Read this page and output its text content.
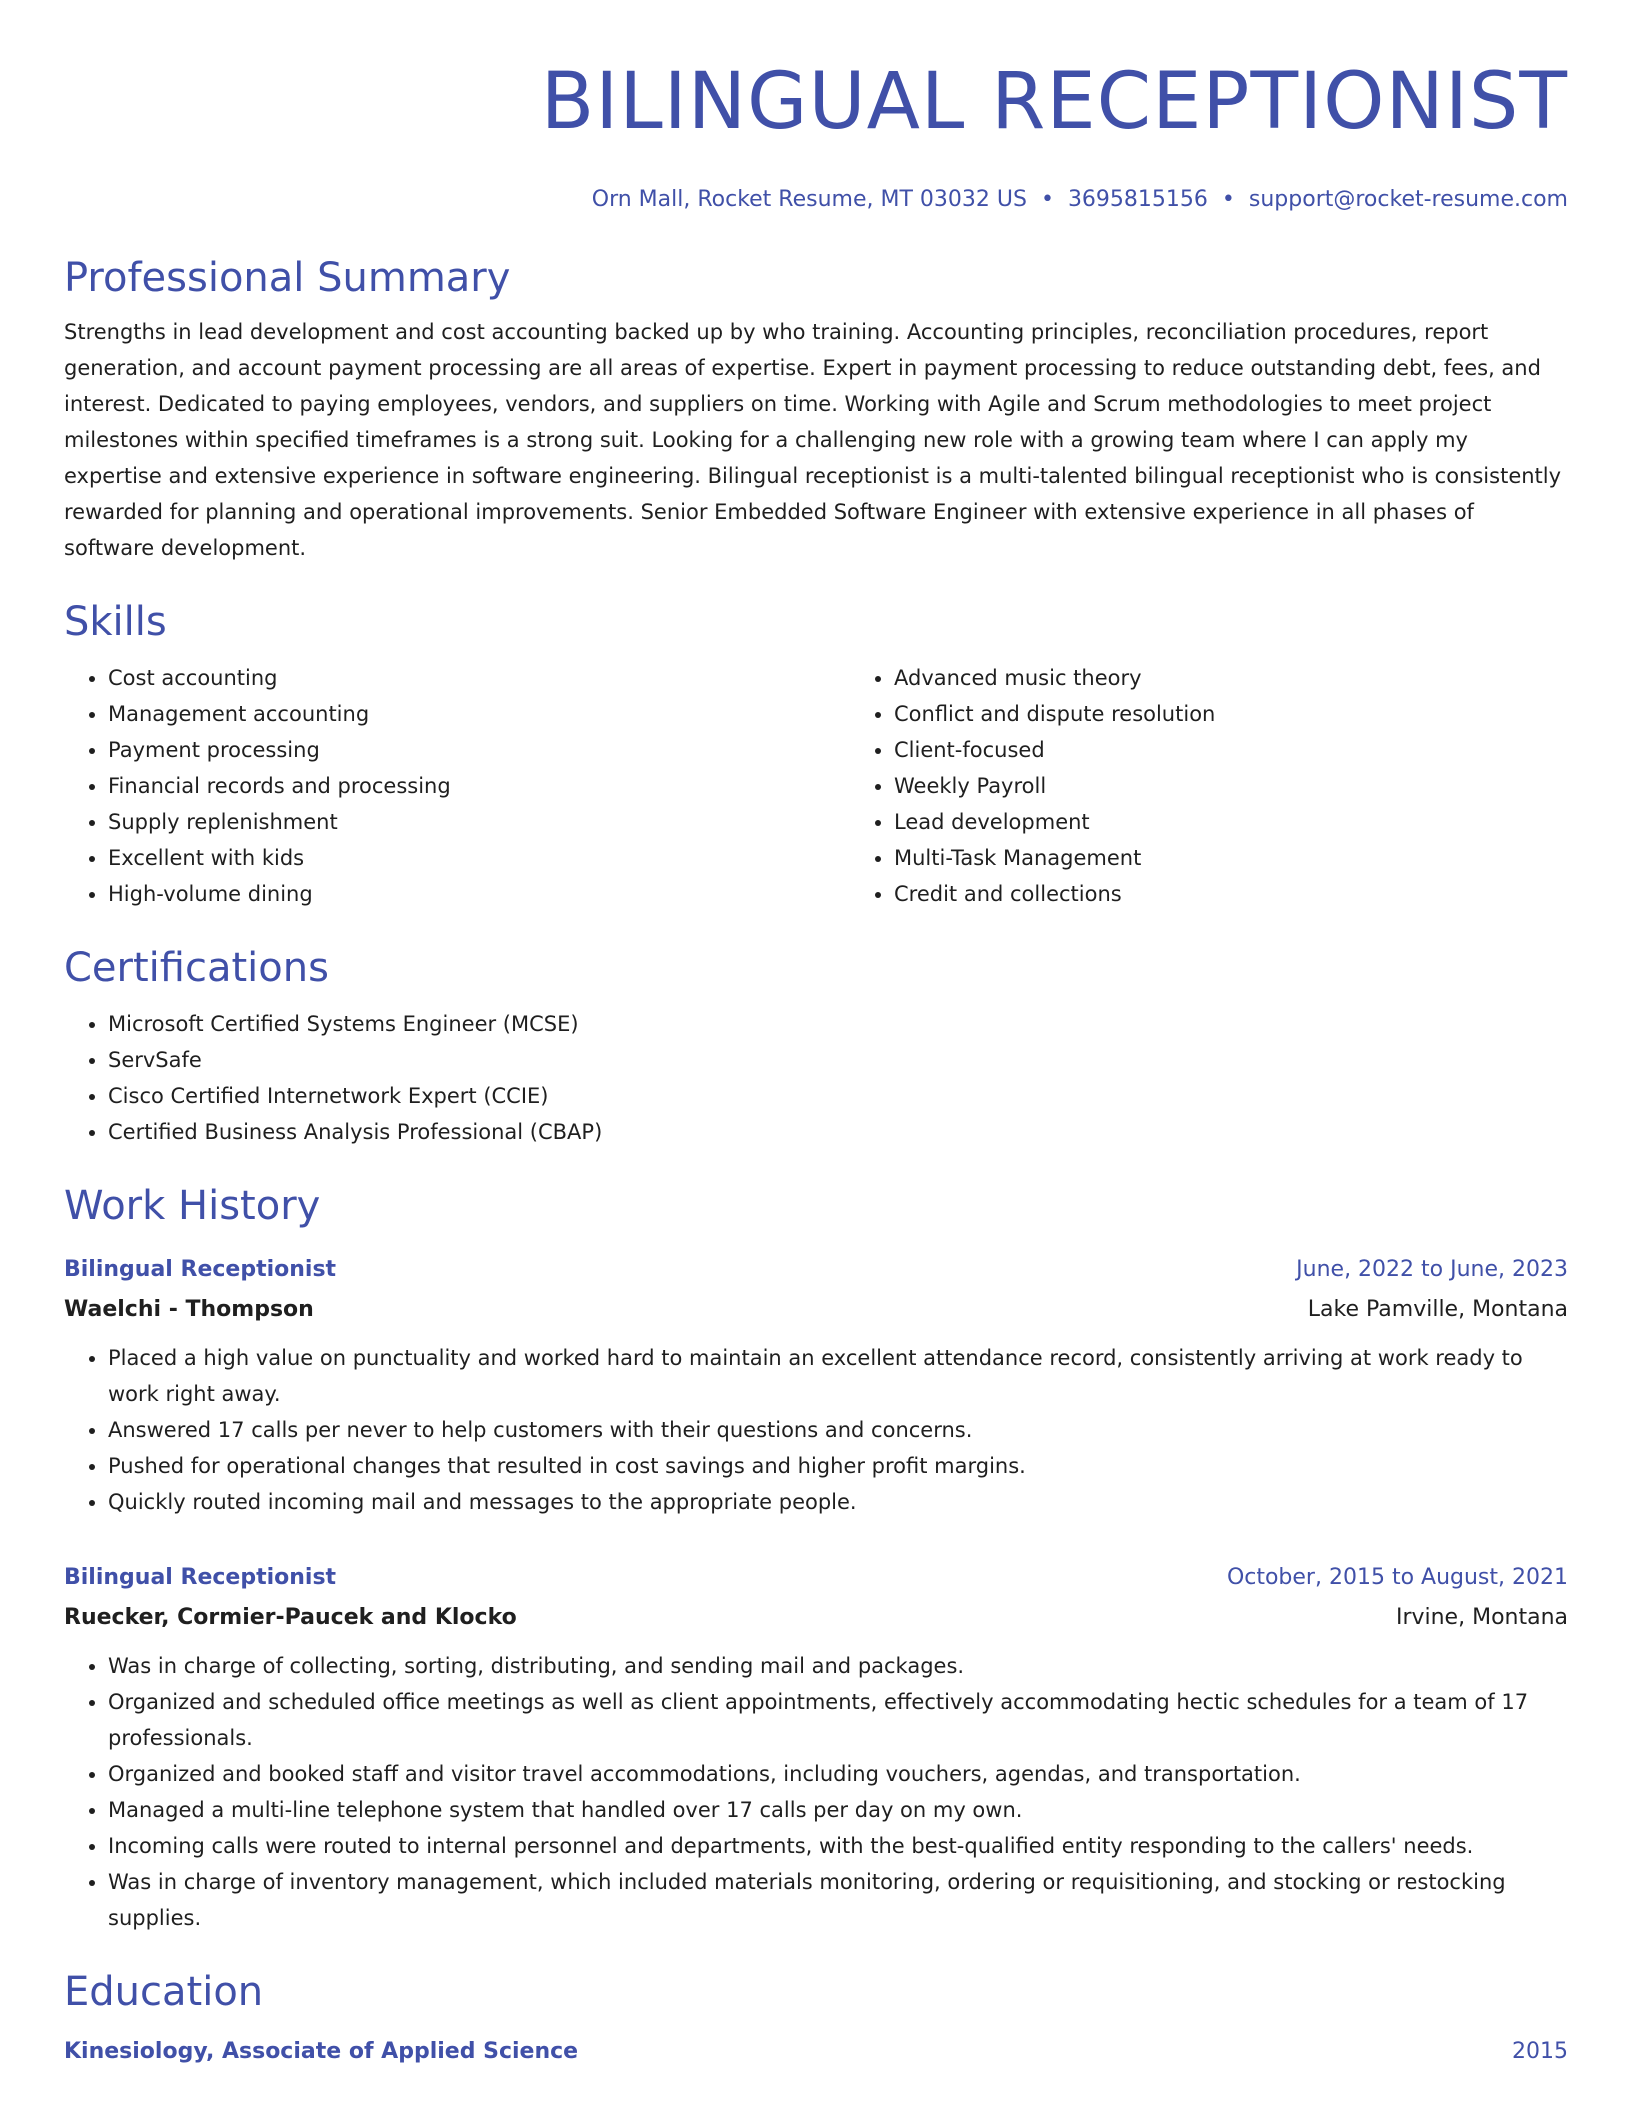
BILINGUAL RECEPTIONIST
Orn Mall, Rocket Resume, MT 03032 US • 3695815156 • support@rocket-resume.com
Professional Summary

Strengths in lead development and cost accounting backed up by who training. Accounting principles, reconciliation procedures, report generation, and account payment processing are all areas of expertise. Expert in payment processing to reduce outstanding debt, fees, and interest. Dedicated to paying employees, vendors, and suppliers on time. Working with Agile and Scrum methodologies to meet project milestones within specified timeframes is a strong suit. Looking for a challenging new role with a growing team where I can apply my expertise and extensive experience in software engineering. Bilingual receptionist is a multi-talented bilingual receptionist who is consistently rewarded for planning and operational improvements. Senior Embedded Software Engineer with extensive experience in all phases of software development.

Skills
• Cost accounting
• Management accounting
• Payment processing
• Financial records and processing
• Supply replenishment
• Excellent with kids
• High-volume dining
• Advanced music theory
• Conflict and dispute resolution
• Client-focused
• Weekly Payroll
• Lead development
• Multi-Task Management
• Credit and collections
Certifications
• Microsoft Certified Systems Engineer (MCSE)
• ServSafe
• Cisco Certified Internetwork Expert (CCIE)
• Certified Business Analysis Professional (CBAP)
Work History
Bilingual Receptionist	June, 2022 to June, 2023
Waelchi - Thompson	Lake Pamville, Montana
• Placed a high value on punctuality and worked hard to maintain an excellent attendance record, consistently arriving at work ready to work right away.
• Answered 17 calls per never to help customers with their questions and concerns.
• Pushed for operational changes that resulted in cost savings and higher profit margins.
• Quickly routed incoming mail and messages to the appropriate people.
Bilingual Receptionist	October, 2015 to August, 2021
Ruecker, Cormier-Paucek and Klocko	Irvine, Montana
• Was in charge of collecting, sorting, distributing, and sending mail and packages.
• Organized and scheduled office meetings as well as client appointments, effectively accommodating hectic schedules for a team of 17 professionals.
• Organized and booked staff and visitor travel accommodations, including vouchers, agendas, and transportation.
• Managed a multi-line telephone system that handled over 17 calls per day on my own.
• Incoming calls were routed to internal personnel and departments, with the best-qualified entity responding to the callers' needs.
• Was in charge of inventory management, which included materials monitoring, ordering or requisitioning, and stocking or restocking supplies.
Education
Kinesiology, Associate of Applied Science	2015
